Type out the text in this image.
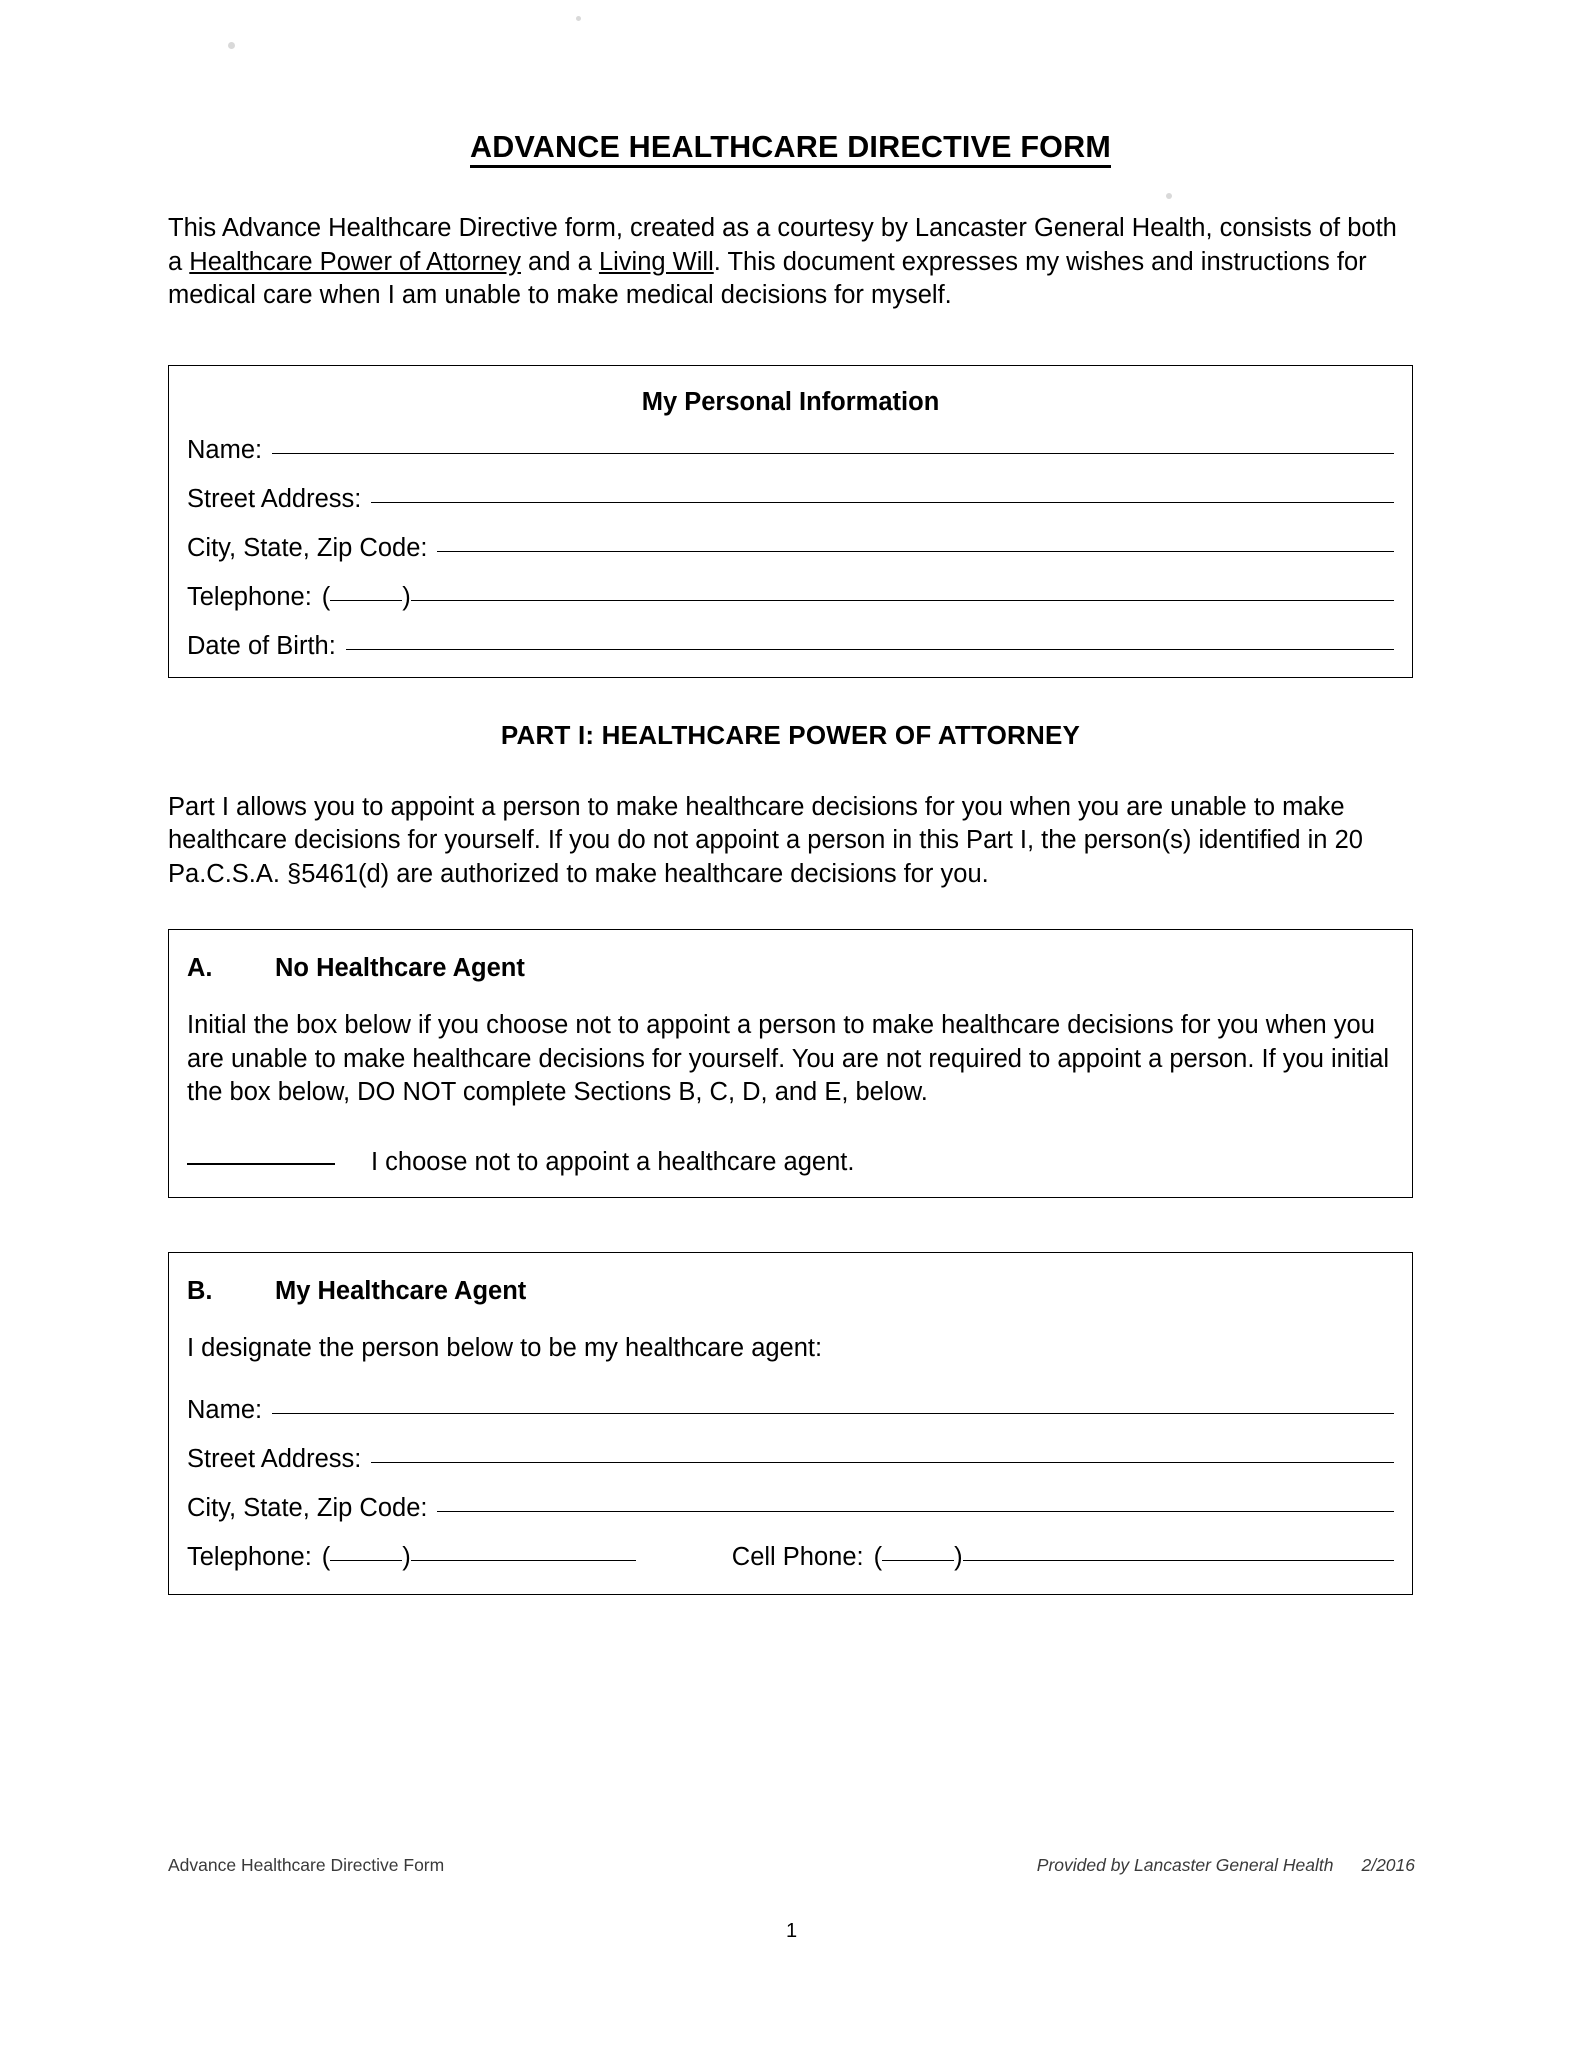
ADVANCE HEALTHCARE DIRECTIVE FORM

This Advance Healthcare Directive form, created as a courtesy by Lancaster General Health, consists of both a Healthcare Power of Attorney and a Living Will. This document expresses my wishes and instructions for medical care when I am unable to make medical decisions for myself.

My Personal Information
Name:
Street Address:
City, State, Zip Code:
Telephone: (	)
Date of Birth:
PART I: HEALTHCARE POWER OF ATTORNEY

Part I allows you to appoint a person to make healthcare decisions for you when you are unable to make healthcare decisions for yourself. If you do not appoint a person in this Part I, the person(s) identified in 20 Pa.C.S.A. §5461(d) are authorized to make healthcare decisions for you.

A.	No Healthcare Agent

Initial the box below if you choose not to appoint a person to make healthcare decisions for you when you are unable to make healthcare decisions for yourself. You are not required to appoint a person. If you initial the box below, DO NOT complete Sections B, C, D, and E, below.

I choose not to appoint a healthcare agent.
B.	My Healthcare Agent

I designate the person below to be my healthcare agent:

Name:
Street Address:
City, State, Zip Code:
Telephone: (	)	Cell Phone: (	)
Advance Healthcare Directive Form	Provided by Lancaster General Health 2/2016
1
